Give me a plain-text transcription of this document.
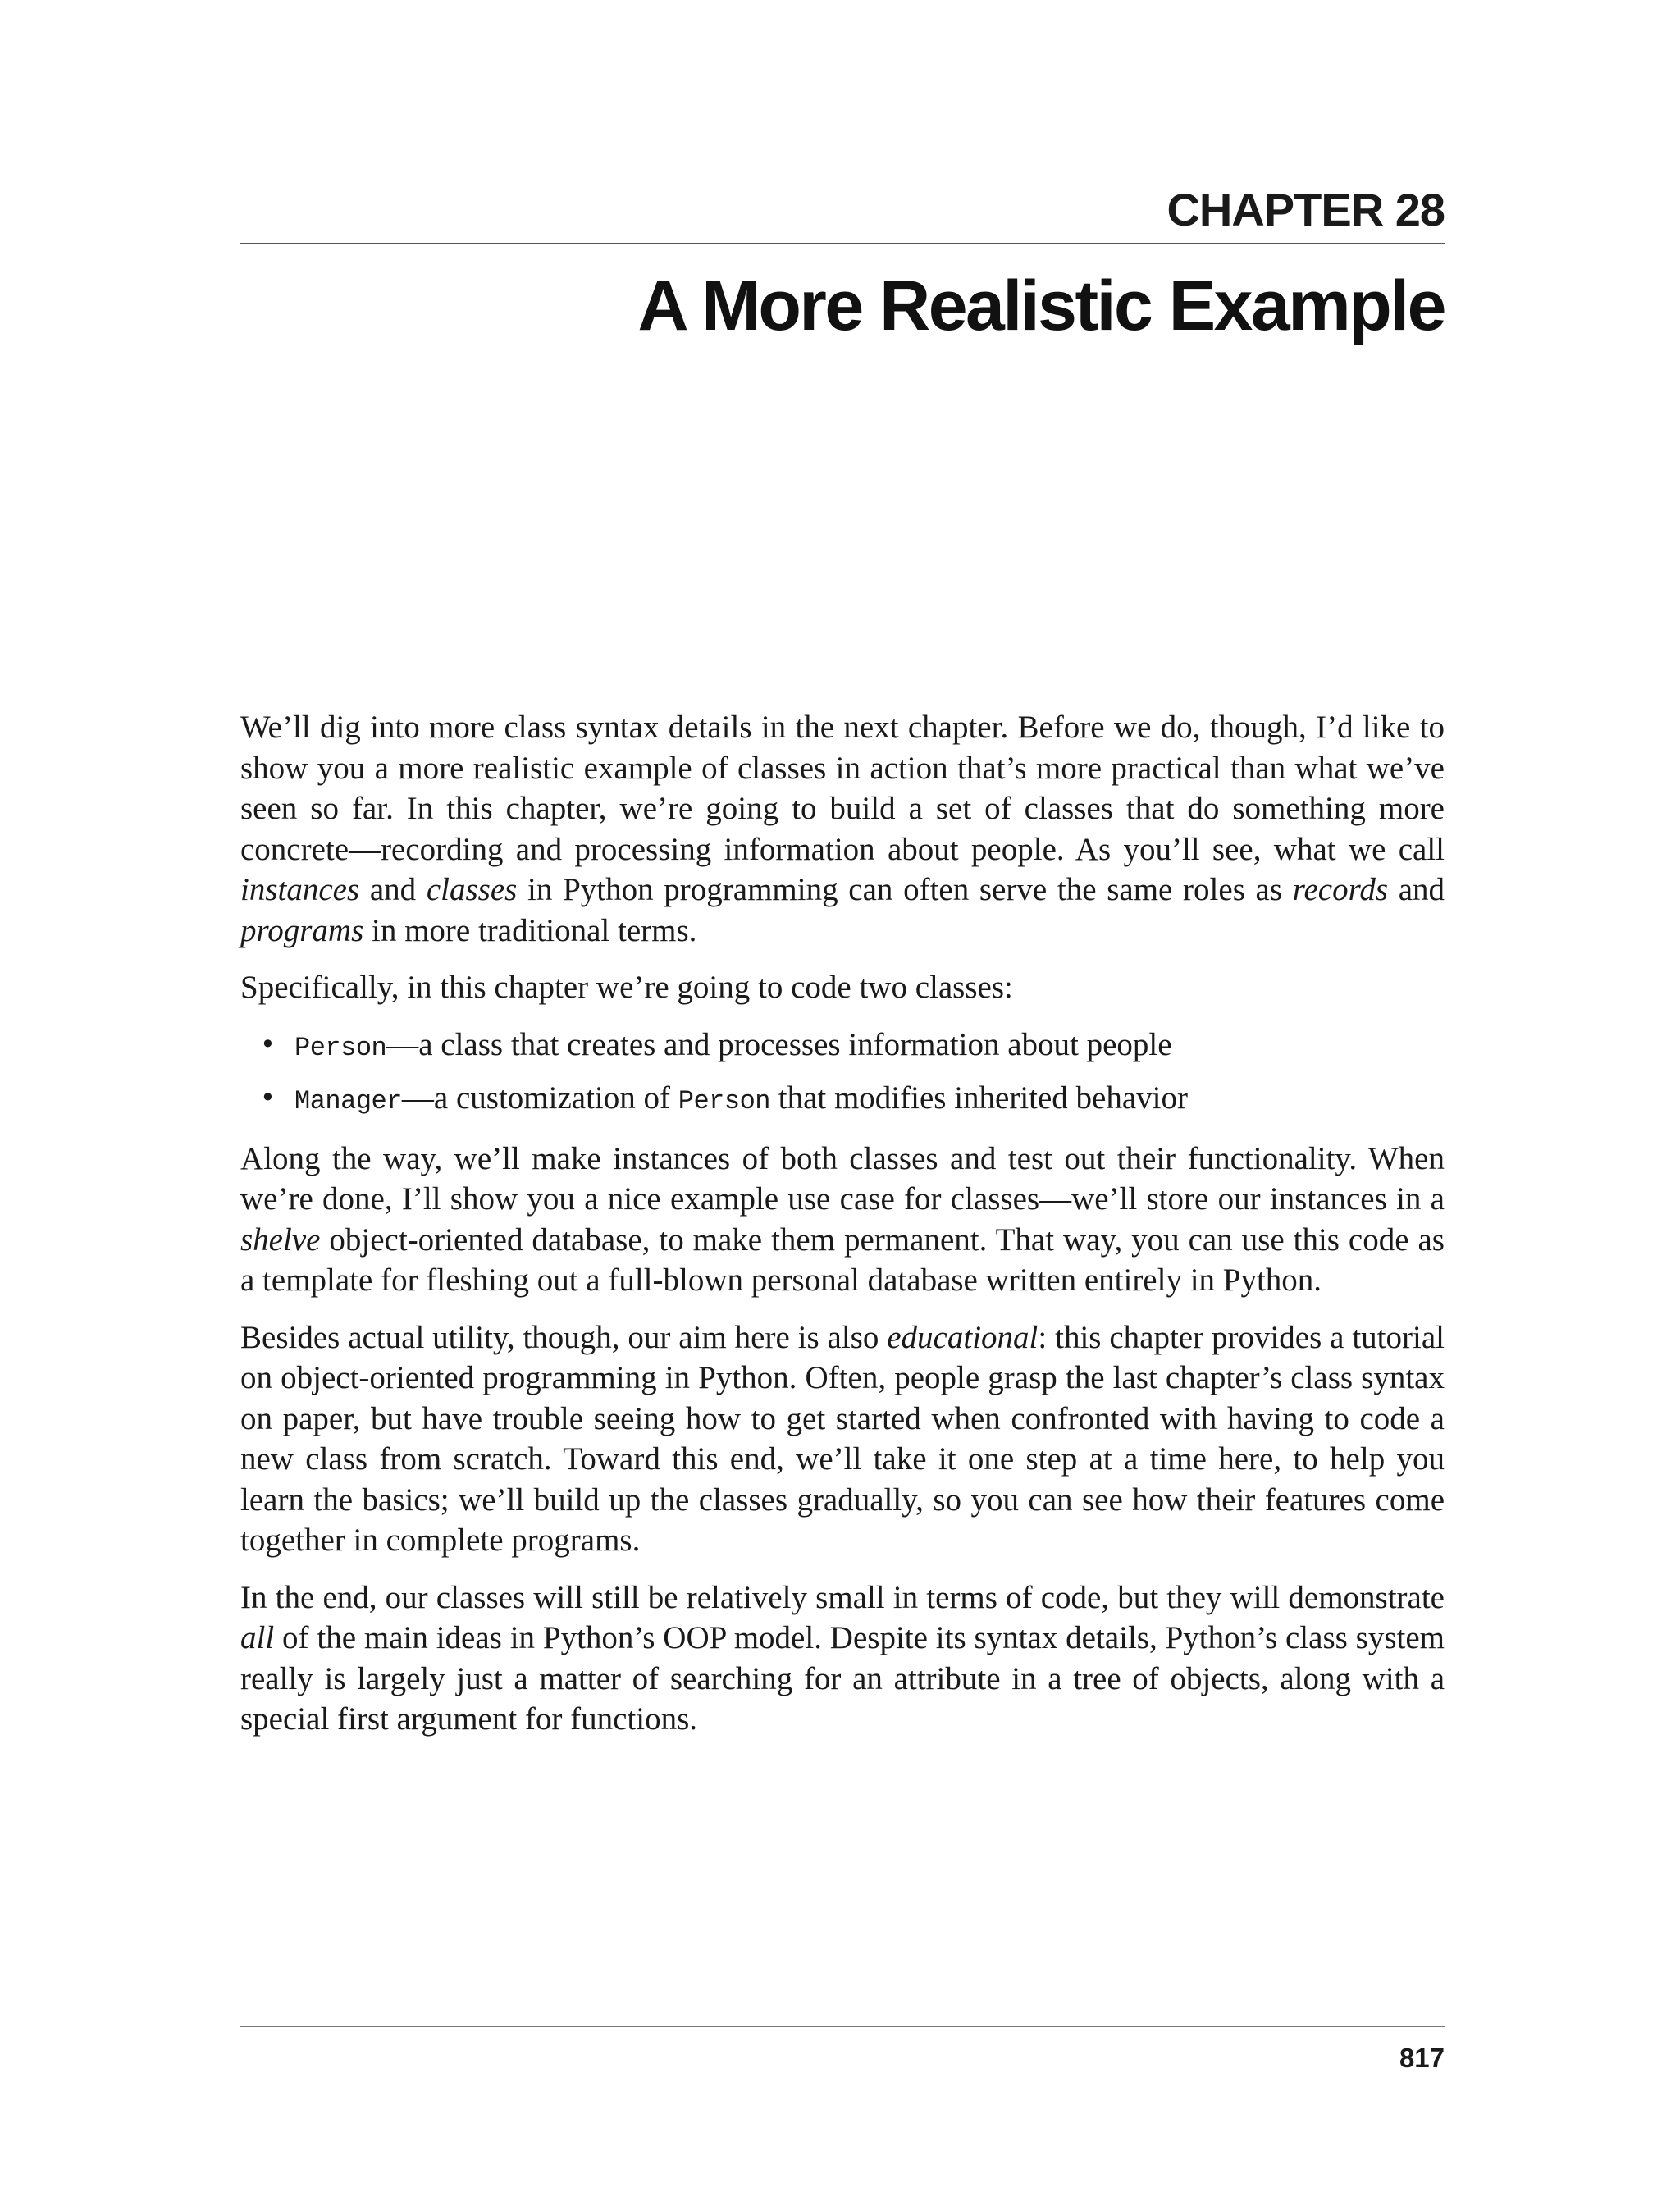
CHAPTER 28
A More Realistic Example

We’ll dig into more class syntax details in the next chapter. Before we do, though, I’d like to show you a more realistic example of classes in action that’s more practical than what we’ve seen so far. In this chapter, we’re going to build a set of classes that do something more concrete—recording and processing information about people. As you’ll see, what we call instances and classes in Python programming can often serve the same roles as records and programs in more traditional terms.

Specifically, in this chapter we’re going to code two classes:

• Person—a class that creates and processes information about people
• Manager—a customization of Person that modifies inherited behavior

Along the way, we’ll make instances of both classes and test out their functionality. When we’re done, I’ll show you a nice example use case for classes—we’ll store our instances in a shelve object-oriented database, to make them permanent. That way, you can use this code as a template for fleshing out a full-blown personal database written entirely in Python.

Besides actual utility, though, our aim here is also educational: this chapter provides a tutorial on object-oriented programming in Python. Often, people grasp the last chapter’s class syntax on paper, but have trouble seeing how to get started when confronted with having to code a new class from scratch. Toward this end, we’ll take it one step at a time here, to help you learn the basics; we’ll build up the classes gradually, so you can see how their features come together in complete programs.

In the end, our classes will still be relatively small in terms of code, but they will demonstrate all of the main ideas in Python’s OOP model. Despite its syntax details, Python’s class system really is largely just a matter of searching for an attribute in a tree of objects, along with a special first argument for functions.

817
